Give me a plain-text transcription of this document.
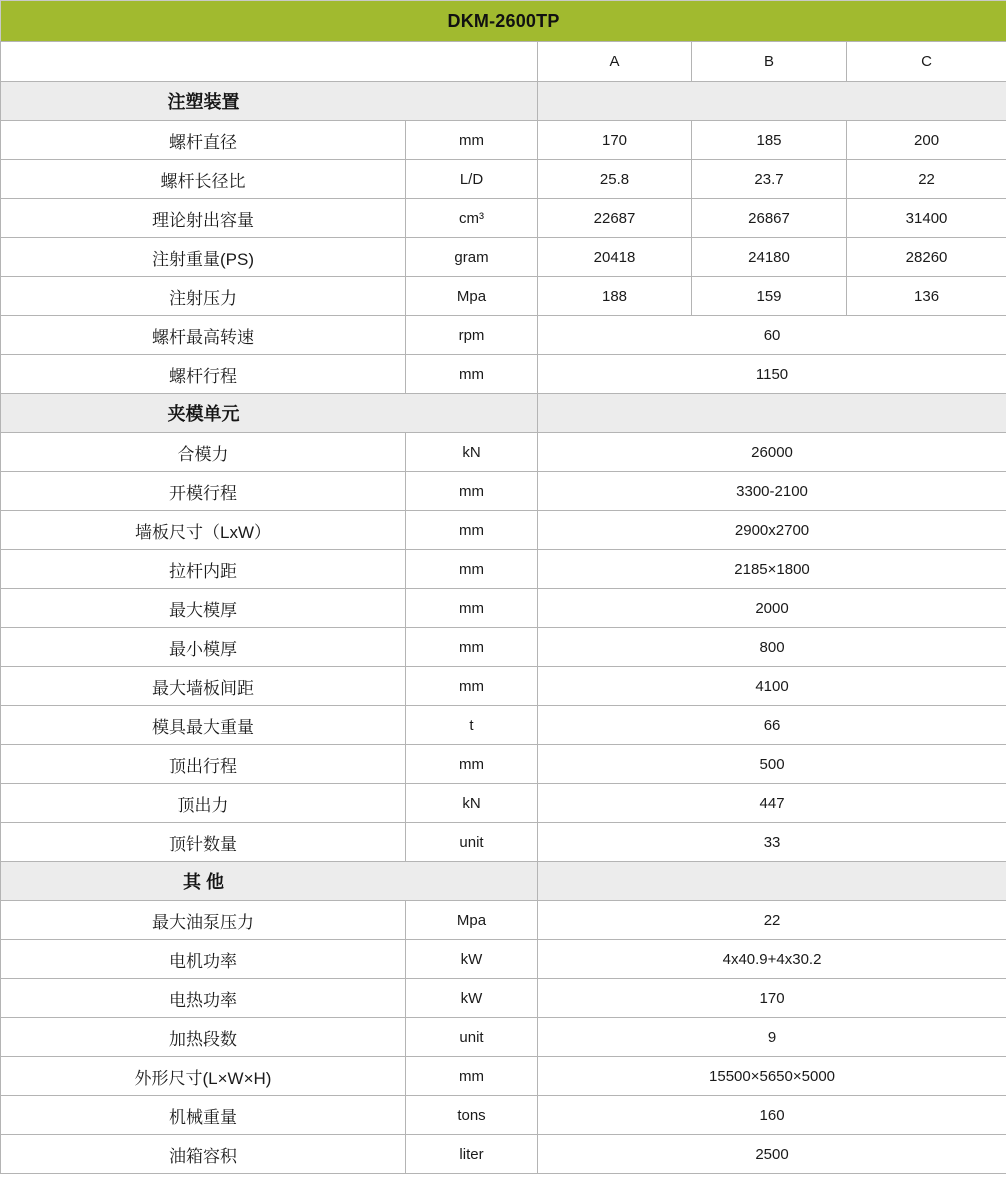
DKM-2600TP				
		A	B	C

注塑装置				

螺杆直径	mm	170	185	200
螺杆长径比	L/D	25.8	23.7	22
理论射出容量	cm³	22687	26867	31400
注射重量(PS)	gram	20418	24180	28260
注射压力	Mpa	188	159	136
螺杆最高转速	rpm	60		
螺杆行程	mm	1150		

夹模单元				

合模力	kN	26000		
开模行程	mm	3300-2100		
墙板尺寸（LxW）	mm	2900x2700		
拉杆内距	mm	2185×1800		
最大模厚	mm	2000		
最小模厚	mm	800		
最大墙板间距	mm	4100		
模具最大重量	t	66		
顶出行程	mm	500		
顶出力	kN	447		
顶针数量	unit	33		

其 他				

最大油泵压力	Mpa	22		
电机功率	kW	4x40.9+4x30.2		
电热功率	kW	170		
加热段数	unit	9		
外形尺寸(L×W×H)	mm	15500×5650×5000		
机械重量	tons	160		
油箱容积	liter	2500		
